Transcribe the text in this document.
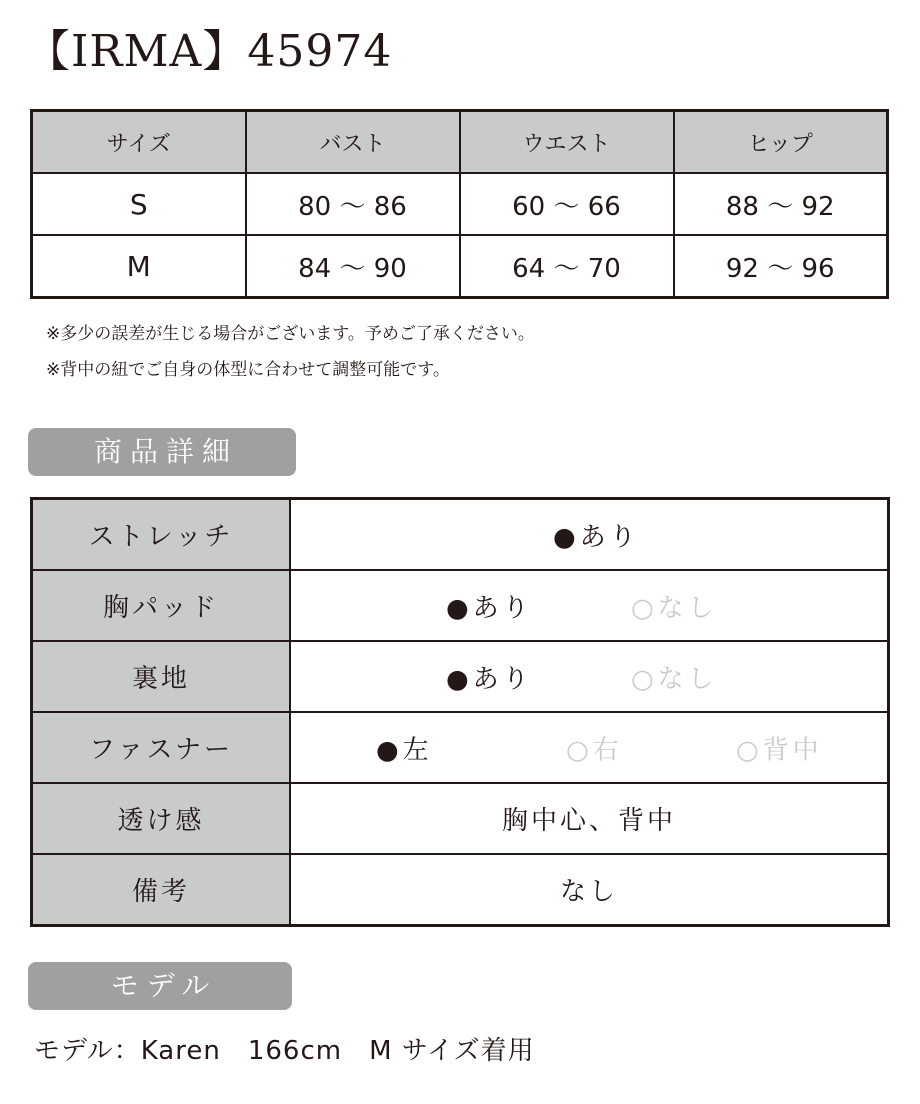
【IRMA】45974
サイズ	バスト	ウエスト	ヒップ
S	80 ～ 86	60 ～ 66	88 ～ 92
M	84 ～ 90	64 ～ 70	92 ～ 96
※多少の誤差が生じる場合がございます。予めご了承ください。
※背中の紐でご自身の体型に合わせて調整可能です。
商品詳細
ストレッチ	●あり

胸パッド	●あり ○なし

裏地	●あり ○なし

ファスナー	●左 ○右 ○背中

透け感	胸中心、背中
備考	なし
モデル
モデル：Karen　166cm　M サイズ着用
